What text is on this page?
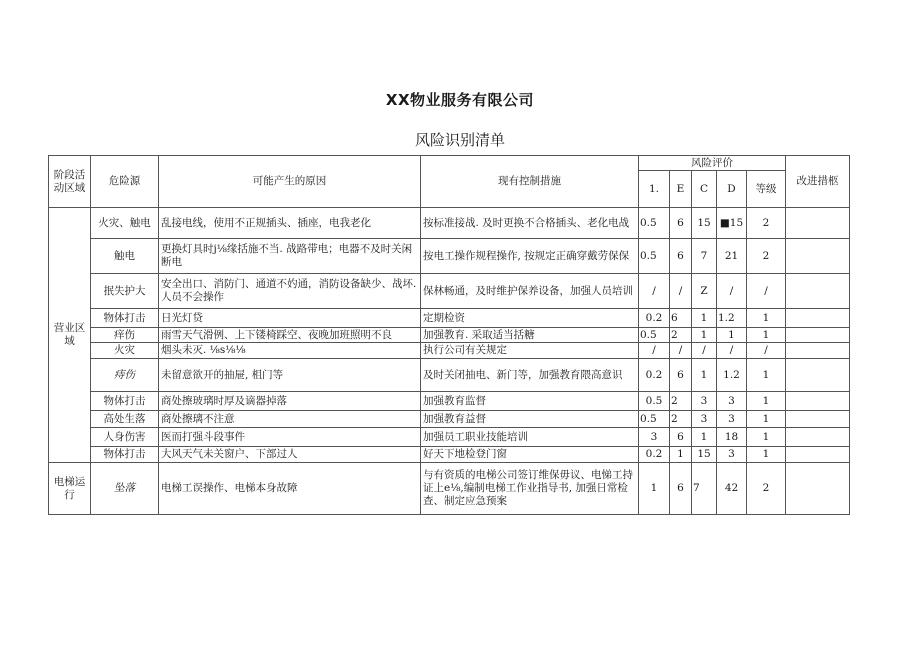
XX物业服务有限公司
风险识别清单
阶段活动区域	危险源	可能产生的原因	现有控制措施	风险评价					改进措柩
				1.	E	C	D	等级	
营业区域	火灾、触电	乱接电线，使用不正规插头、插座，电我老化	按标准接战. 及时更换不合格插头、老化电战	0.5	6	15	■15	2	
	触电	更换灯具时j⅛缘括施不当. 战路带电；电器不及时关闲断电	按电工操作规程操作, 按规定正确穿戴劳保保	0.5	6	7	21	2	
	抿失护大	安全出口、消防门、通道不妁通，消防设备缺少、战坏. 人员不会操作	保林畅通，及时维护保养设备，加强人员培训	/	/	Z	/	/	
	物体打击	日光灯贷	定期检资	0.2	6	1	1.2	1	
	痒伤	雨雪天气滑例、上下镂椅踩空、夜晚加班照明不良	加强教育. 采取适当括糖	0.5	2	1	1	1	
	火灾	烟头未灭. ⅛s⅛⅛	执行公司有关规定	/	/	/	/	/	
	痔伤	未留意欲开的抽屉, 柤门等	及时关闭抽电、新门等，加强教育隈高意识	0.2	6	1	1.2	1	
	物体打击	商处擦玻璃时厚及谪器掉落	加强教育监督	0.5	2	3	3	1	
	高处生落	商处擦璃不注意	加强教育益督	0.5	2	3	3	1	
	人身伤害	医而打强斗段事件	加强员工职业技能培训	3	6	1	18	1	
	物体打击	大风天气未关窗户、下部过人	好天下地检登门窗	0.2	1	15	3	1	
电梯运行	坠落	电梯工误操作、电梯本身故障	与有资质的电梯公司签订维保毋议、电悌工持证上e⅛,编制电梯工作业指导书, 加强日常检查、制定应急预案	1	6	7	42	2	
